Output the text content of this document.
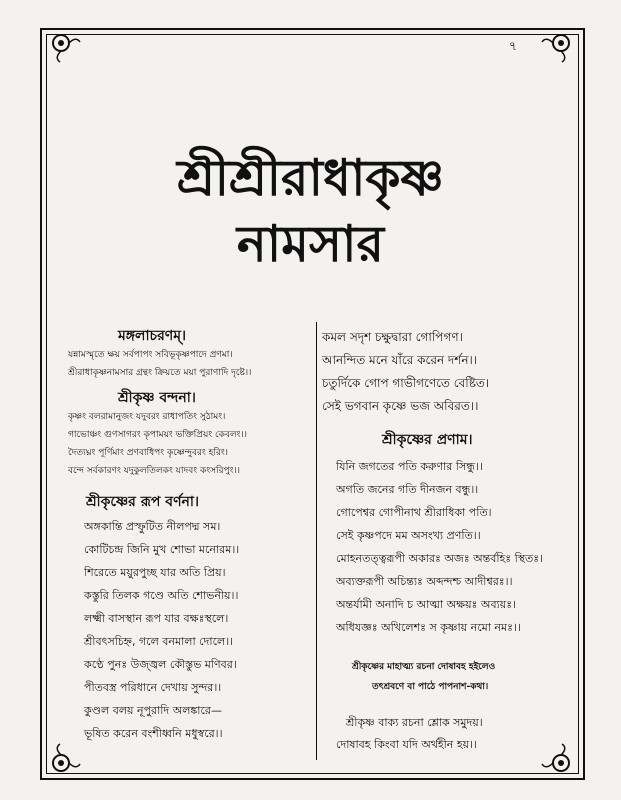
৭
শ্রীশ্রীরাধাকৃষ্ণ
নামসার
মঙ্গলাচরণম্।
যন্নামস্মৃতে ক্ষয় সর্বপাপং সবিভূকৃষ্ণপাদে প্রণমা।
শ্রীরাধাকৃষ্ণনামসার গ্রন্থং ক্রিয়তে ময়া পুরাণাদি দৃষ্টে।।
শ্রীকৃষ্ণ বন্দনা।
কৃষ্ণং বলরামানুজং যদুবরং রাধাপতিং সুঠামং।
গাভোঞ্চং গুণসাগরং কৃপাময়ং ভক্তিপ্রিয়ং কেবলং।।
দৈত্যঘ্নং পূর্ণিমাং প্রণবাধিপং কৃষ্ণেন্দুবরং হরিং।
বন্দে সর্বকারণং যদুকুলতিলকং যাদবং কংসরিপুং।।
শ্রীকৃষ্ণের রূপ বর্ণনা।
অঙ্গকান্তি প্রস্ফুটিত নীলপদ্ম সম।
কোটিচন্দ্র জিনি মুখ শোভা মনোরম।।
শিরেতে ময়ুরপুচ্ছ যার অতি প্রিয়।
কস্তুরি তিলক গণ্ডে অতি শোভনীয়।।
লক্ষ্মী বাসস্থান রূপ যার বক্ষঃস্থলে।
শ্রীবৎসচিহ্ন, গলে বনমালা দোলে।।
কণ্ঠে পুনঃ উজ্জ্বল কৌস্তুভ মণিবর।
পীতবস্ত্র পরিধানে দেখায় সুন্দর।।
কুণ্ডল বলয় নূপুরাদি অলঙ্কারে—
ভূষিত করেন বংশীধ্বনি মধুস্বরে।।
কমল সদৃশ চক্ষুদ্বারা গোপিগণ।
আনন্দিত মনে যাঁরে করেন দর্শন।।
চতুর্দিকে গোপ গাভীগণেতে বেষ্টিত।
সেই ভগবান কৃষ্ণে ভজ অবিরত।।
শ্রীকৃষ্ণের প্রণাম।
যিনি জগতের পতি করুণার সিন্ধু।।
অগতি জনের গতি দীনজন বন্ধু।।
গোপেশ্বর গোপীনাথ শ্রীরাধিকা পতি।
সেই কৃষ্ণপদে মম অসংখ্য প্রণতি।।
মোহনতত্ত্বরূপী অকারঃ অজঃ অন্তর্বহিঃ স্থিতঃ।
অব্যক্তরূপী অচিন্ত্যঃ অব্দন্দশ্চ আদীশ্বরঃ।।
অন্তর্যামী অনাদি চ আত্মা অক্ষয়ঃ অব্যয়ঃ।
অধিযজ্ঞঃ অখিলেশঃ স কৃষ্ণায় নমো নমঃ।।
শ্রীকৃষ্ণের মাহাত্ম্য রচনা দোষাবহ হইলেও
তৎশ্রবণে বা পাঠে পাপনাশ-কথা।
শ্রীকৃষ্ণ বাক্য রচনা শ্লোক সমুদয়।
দোষাবহ কিংবা যদি অর্থহীন হয়।।
